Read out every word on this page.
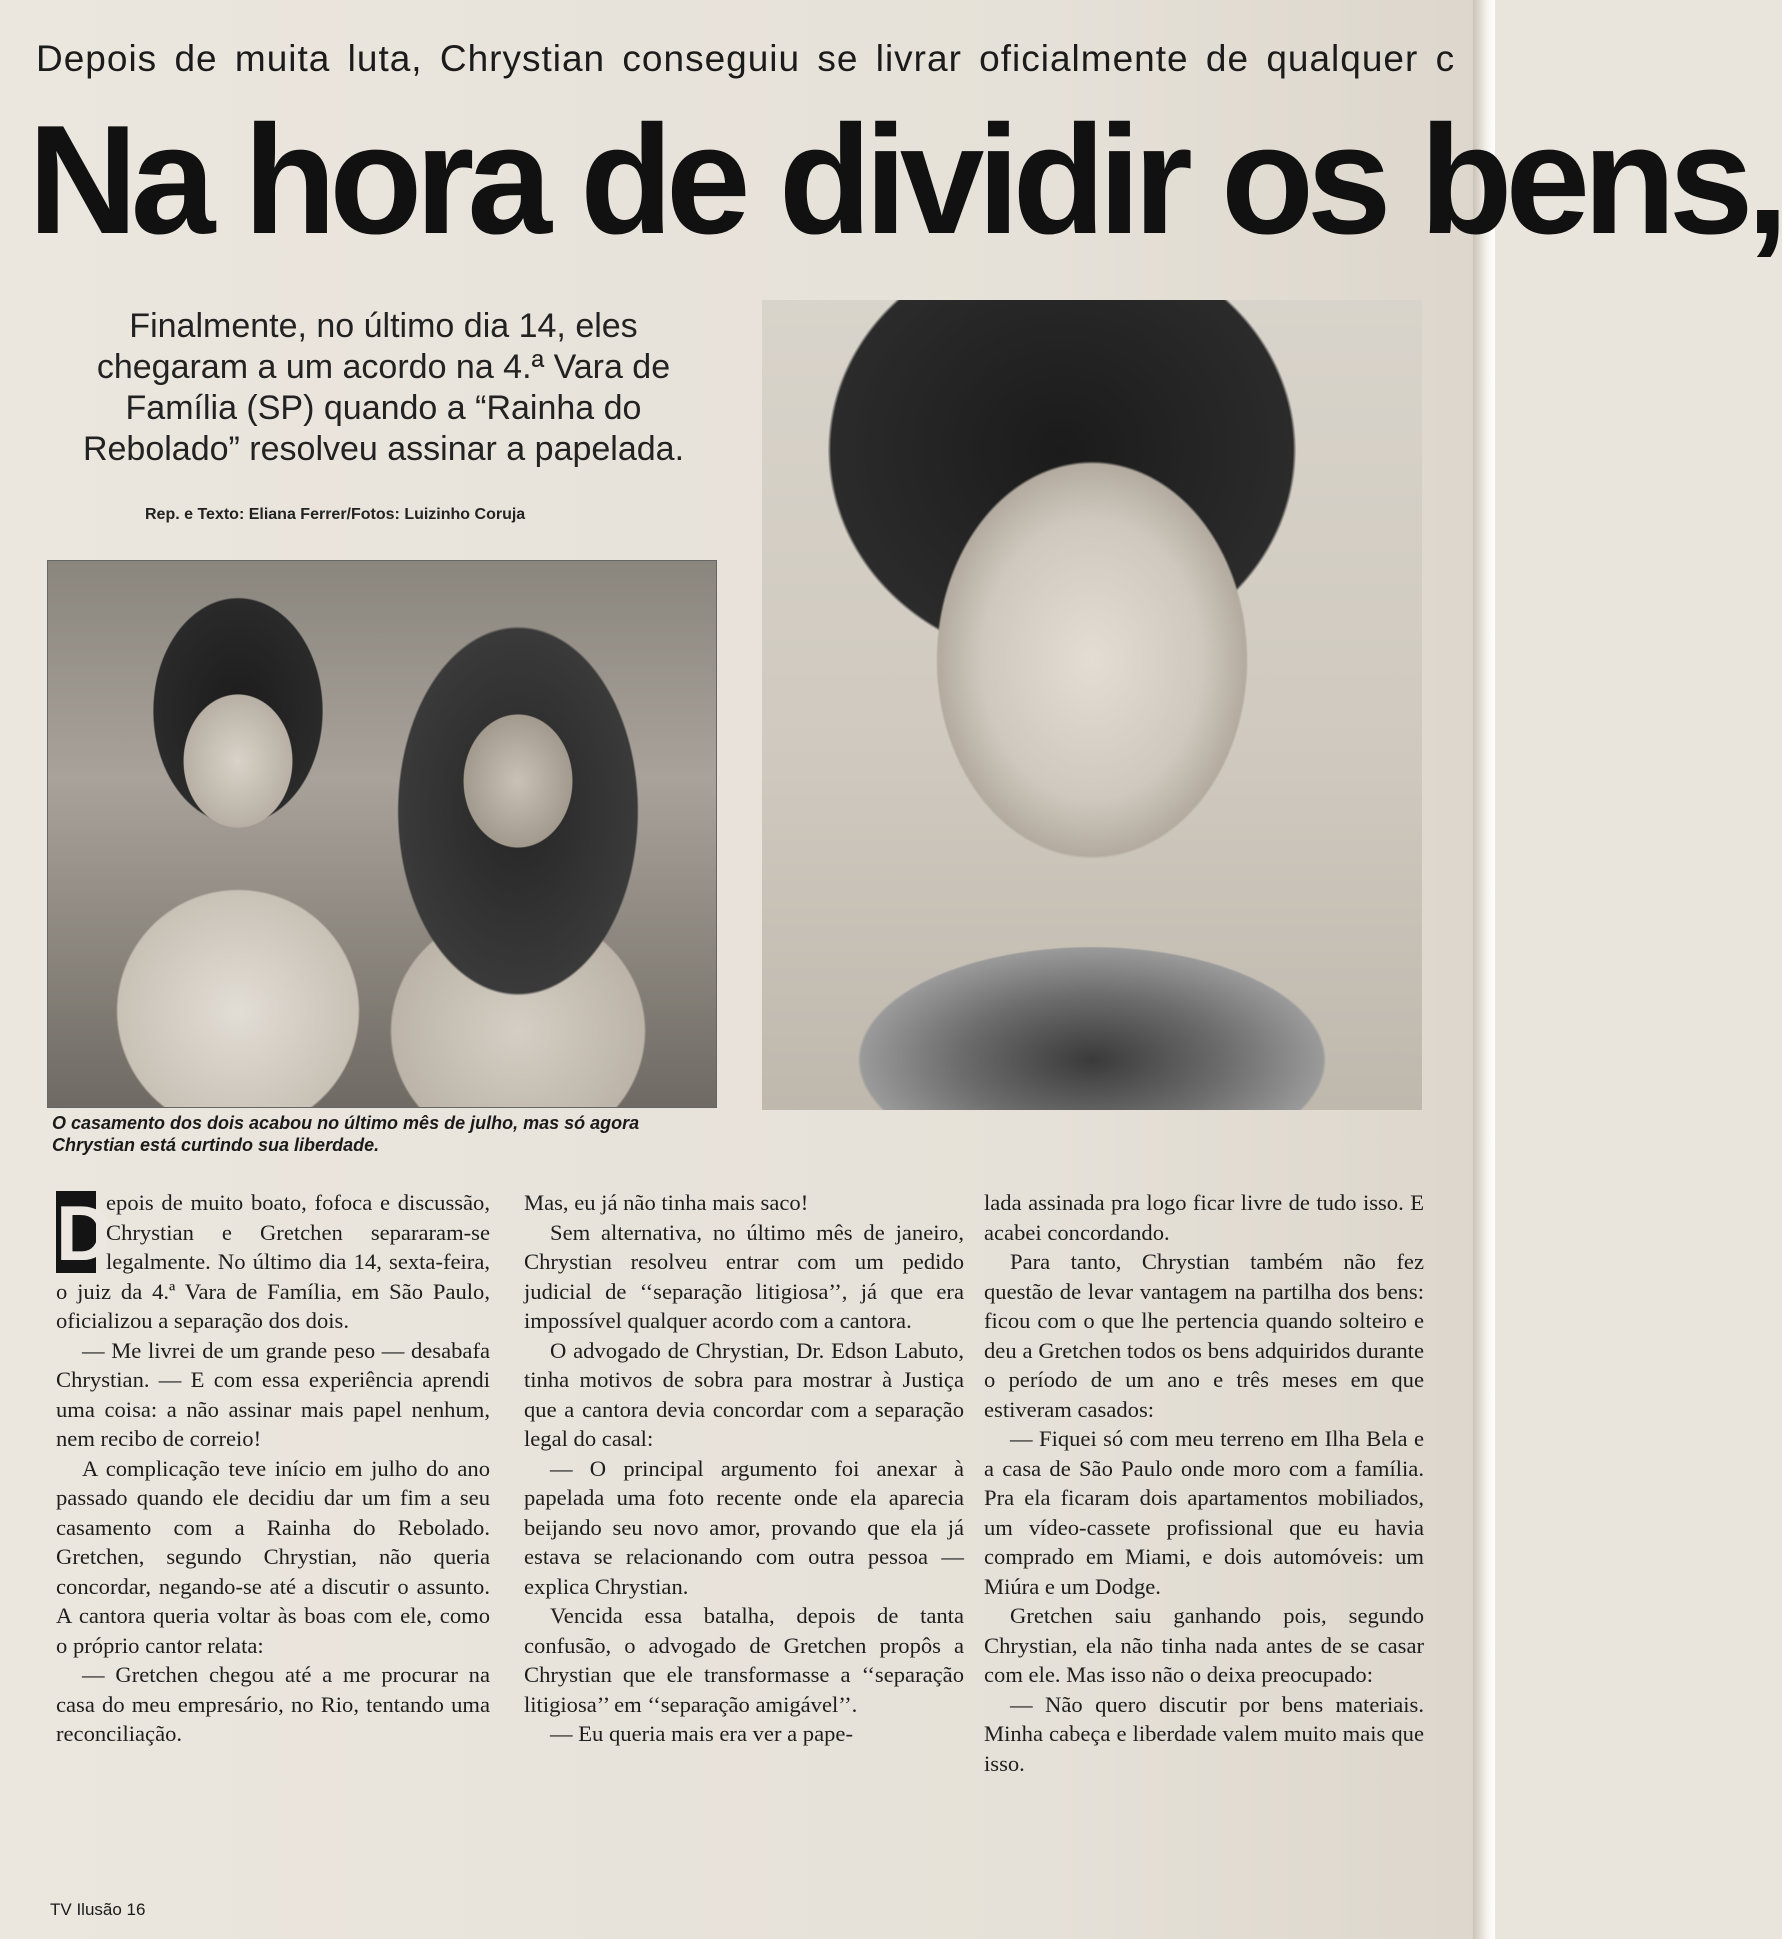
Depois de muita luta, Chrystian conseguiu se livrar oficialmente de qualquer c
Na hora de dividir os bens,
Finalmente, no último dia 14, eles chegaram a um acordo na 4.ª Vara de Família (SP) quando a “Rainha do Rebolado” resolveu assinar a papelada.
Rep. e Texto: Eliana Ferrer/Fotos: Luizinho Coruja
O casamento dos dois acabou no último mês de julho, mas só agora Chrystian está curtindo sua liberdade.

D
epois de muito boato, fofoca e discussão, Chrystian e Gretchen separaram-se legalmente. No último dia 14, sexta-feira, o juiz da 4.ª Vara de Família, em São Paulo, oficializou a separação dos dois.

— Me livrei de um grande peso — desabafa Chrystian. — E com essa experiência aprendi uma coisa: a não assinar mais papel nenhum, nem recibo de correio!

A complicação teve início em julho do ano passado quando ele decidiu dar um fim a seu casamento com a Rainha do Rebolado. Gretchen, segundo Chrystian, não queria concordar, negando-se até a discutir o assunto. A cantora queria voltar às boas com ele, como o próprio cantor relata:

— Gretchen chegou até a me procurar na casa do meu empresário, no Rio, tentando uma reconciliação.

Mas, eu já não tinha mais saco!

Sem alternativa, no último mês de janeiro, Chrystian resolveu entrar com um pedido judicial de ‘‘separação litigiosa’’, já que era impossível qualquer acordo com a cantora.

O advogado de Chrystian, Dr. Edson Labuto, tinha motivos de sobra para mostrar à Justiça que a cantora devia concordar com a separação legal do casal:

— O principal argumento foi anexar à papelada uma foto recente onde ela aparecia beijando seu novo amor, provando que ela já estava se relacionando com outra pessoa — explica Chrystian.

Vencida essa batalha, depois de tanta confusão, o advogado de Gretchen propôs a Chrystian que ele transformasse a ‘‘separação litigiosa’’ em ‘‘separação amigável’’.

— Eu queria mais era ver a pape-

lada assinada pra logo ficar livre de tudo isso. E acabei concordando.

Para tanto, Chrystian também não fez questão de levar vantagem na partilha dos bens: ficou com o que lhe pertencia quando solteiro e deu a Gretchen todos os bens adquiridos durante o período de um ano e três meses em que estiveram casados:

— Fiquei só com meu terreno em Ilha Bela e a casa de São Paulo onde moro com a família. Pra ela ficaram dois apartamentos mobiliados, um vídeo-cassete profissional que eu havia comprado em Miami, e dois automóveis: um Miúra e um Dodge.

Gretchen saiu ganhando pois, segundo Chrystian, ela não tinha nada antes de se casar com ele. Mas isso não o deixa preocupado:

— Não quero discutir por bens materiais. Minha cabeça e liberdade valem muito mais que isso.

TV Ilusão 16
